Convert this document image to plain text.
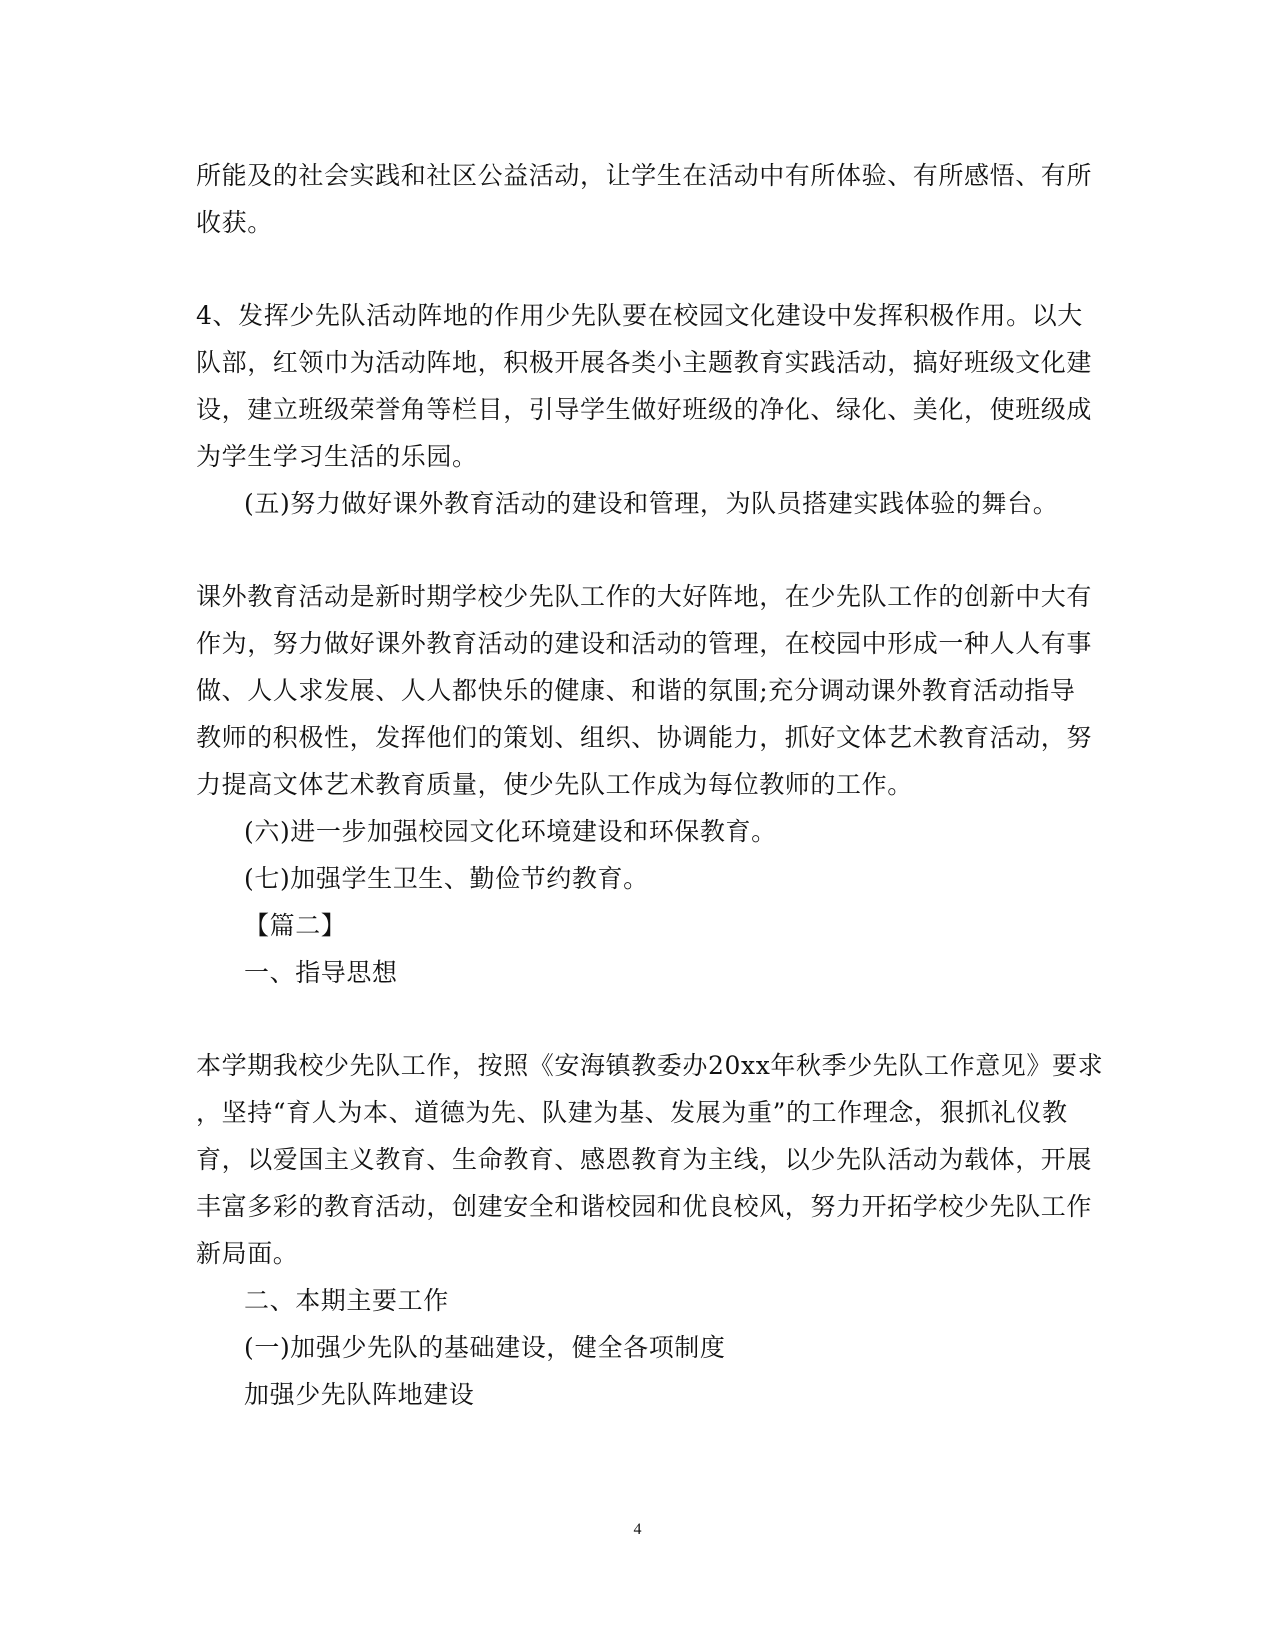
所能及的社会实践和社区公益活动，让学生在活动中有所体验、有所感悟、有所
收获。
4、发挥少先队活动阵地的作用少先队要在校园文化建设中发挥积极作用。以大
队部，红领巾为活动阵地，积极开展各类小主题教育实践活动，搞好班级文化建
设，建立班级荣誉角等栏目，引导学生做好班级的净化、绿化、美化，使班级成
为学生学习生活的乐园。
(五)努力做好课外教育活动的建设和管理，为队员搭建实践体验的舞台。
课外教育活动是新时期学校少先队工作的大好阵地，在少先队工作的创新中大有
作为，努力做好课外教育活动的建设和活动的管理，在校园中形成一种人人有事
做、人人求发展、人人都快乐的健康、和谐的氛围;充分调动课外教育活动指导
教师的积极性，发挥他们的策划、组织、协调能力，抓好文体艺术教育活动，努
力提高文体艺术教育质量，使少先队工作成为每位教师的工作。
(六)进一步加强校园文化环境建设和环保教育。
(七)加强学生卫生、勤俭节约教育。
【篇二】
一、指导思想
本学期我校少先队工作，按照《安海镇教委办20xx年秋季少先队工作意见》要求
，坚持“育人为本、道德为先、队建为基、发展为重”的工作理念，狠抓礼仪教
育，以爱国主义教育、生命教育、感恩教育为主线，以少先队活动为载体，开展
丰富多彩的教育活动，创建安全和谐校园和优良校风，努力开拓学校少先队工作
新局面。
二、本期主要工作
(一)加强少先队的基础建设，健全各项制度
加强少先队阵地建设
4
